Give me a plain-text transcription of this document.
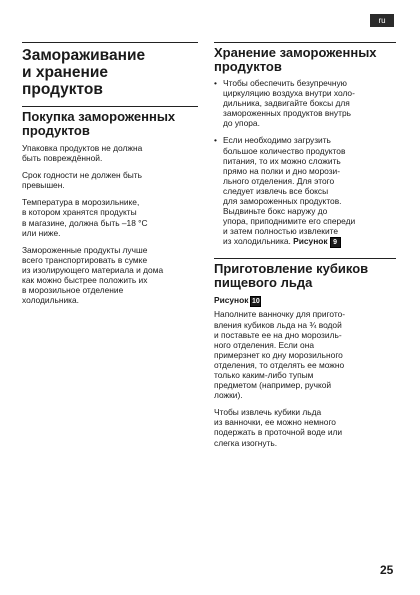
ru
Замораживание
и хранение
продуктов
Покупка замороженных
продуктов

Упаковка продуктов не должна
быть повреждённой.

Срок годности не должен быть
превышен.

Температура в морозильнике,
в котором хранятся продукты
в магазине, должна быть –18 °С
или ниже.

Замороженные продукты лучше
всего транспортировать в сумке
из изолирующего материала и дома
как можно быстрее положить их
в морозильное отделение
холодильника.

Хранение замороженных
продуктов
• Чтобы обеспечить безупречную
циркуляцию воздуха внутри холо-
дильника, задвигайте боксы для
замороженных продуктов внутрь
до упора.
• Если необходимо загрузить
большое количество продуктов
питания, то их можно сложить
прямо на полки и дно морози-
льного отделения. Для этого
следует извлечь все боксы
для замороженных продуктов.
Выдвиньте бокс наружу до
упора, приподнимите его спереди
и затем полностью извлеките
из холодильника. Рисунок 9
Приготовление кубиков
пищевого льда
Рисунок 10

Наполните ванночку для пригото-
вления кубиков льда на ¾ водой
и поставьте ее на дно морозиль-
ного отделения. Если она
примерзнет ко дну морозильного
отделения, то отделять ее можно
только каким-либо тупым
предметом (например, ручкой
ложки).

Чтобы извлечь кубики льда
из ванночки, ее можно немного
подержать в проточной воде или
слегка изогнуть.

25
